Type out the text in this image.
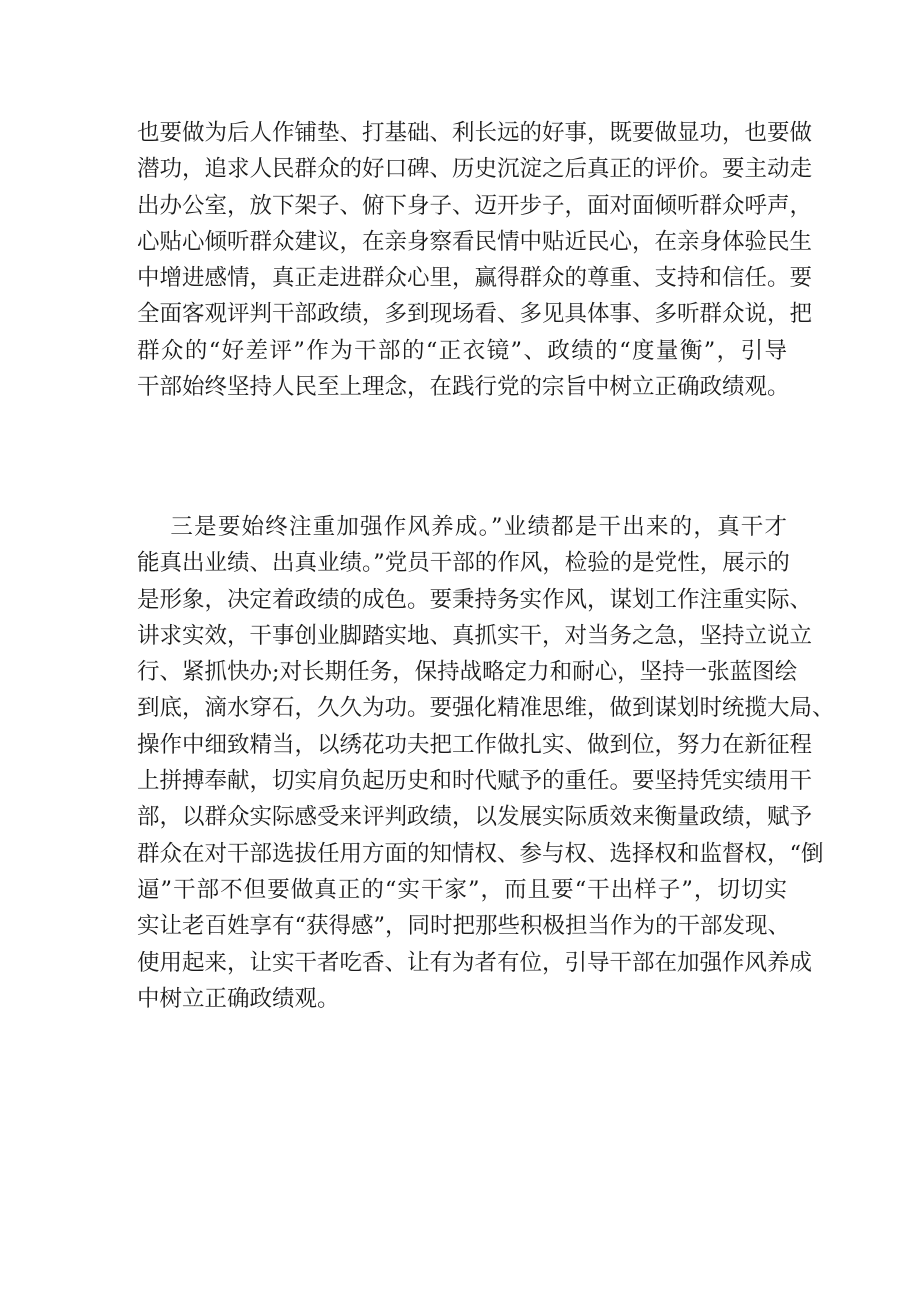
也要做为后人作铺垫、打基础、利长远的好事，既要做显功，也要做
潜功，追求人民群众的好口碑、历史沉淀之后真正的评价。要主动走
出办公室，放下架子、俯下身子、迈开步子，面对面倾听群众呼声，
心贴心倾听群众建议，在亲身察看民情中贴近民心，在亲身体验民生
中增进感情，真正走进群众心里，赢得群众的尊重、支持和信任。要
全面客观评判干部政绩，多到现场看、多见具体事、多听群众说，把
群众的“好差评”作为干部的“正衣镜”、政绩的“度量衡”，引导
干部始终坚持人民至上理念，在践行党的宗旨中树立正确政绩观。
三是要始终注重加强作风养成。”业绩都是干出来的，真干才
能真出业绩、出真业绩。”党员干部的作风，检验的是党性，展示的
是形象，决定着政绩的成色。要秉持务实作风，谋划工作注重实际、
讲求实效，干事创业脚踏实地、真抓实干，对当务之急，坚持立说立
行、紧抓快办;对长期任务，保持战略定力和耐心，坚持一张蓝图绘
到底，滴水穿石，久久为功。要强化精准思维，做到谋划时统揽大局、
操作中细致精当，以绣花功夫把工作做扎实、做到位，努力在新征程
上拼搏奉献，切实肩负起历史和时代赋予的重任。要坚持凭实绩用干
部，以群众实际感受来评判政绩，以发展实际质效来衡量政绩，赋予
群众在对干部选拔任用方面的知情权、参与权、选择权和监督权，“倒
逼”干部不但要做真正的“实干家”，而且要“干出样子”，切切实
实让老百姓享有“获得感”，同时把那些积极担当作为的干部发现、
使用起来，让实干者吃香、让有为者有位，引导干部在加强作风养成
中树立正确政绩观。
